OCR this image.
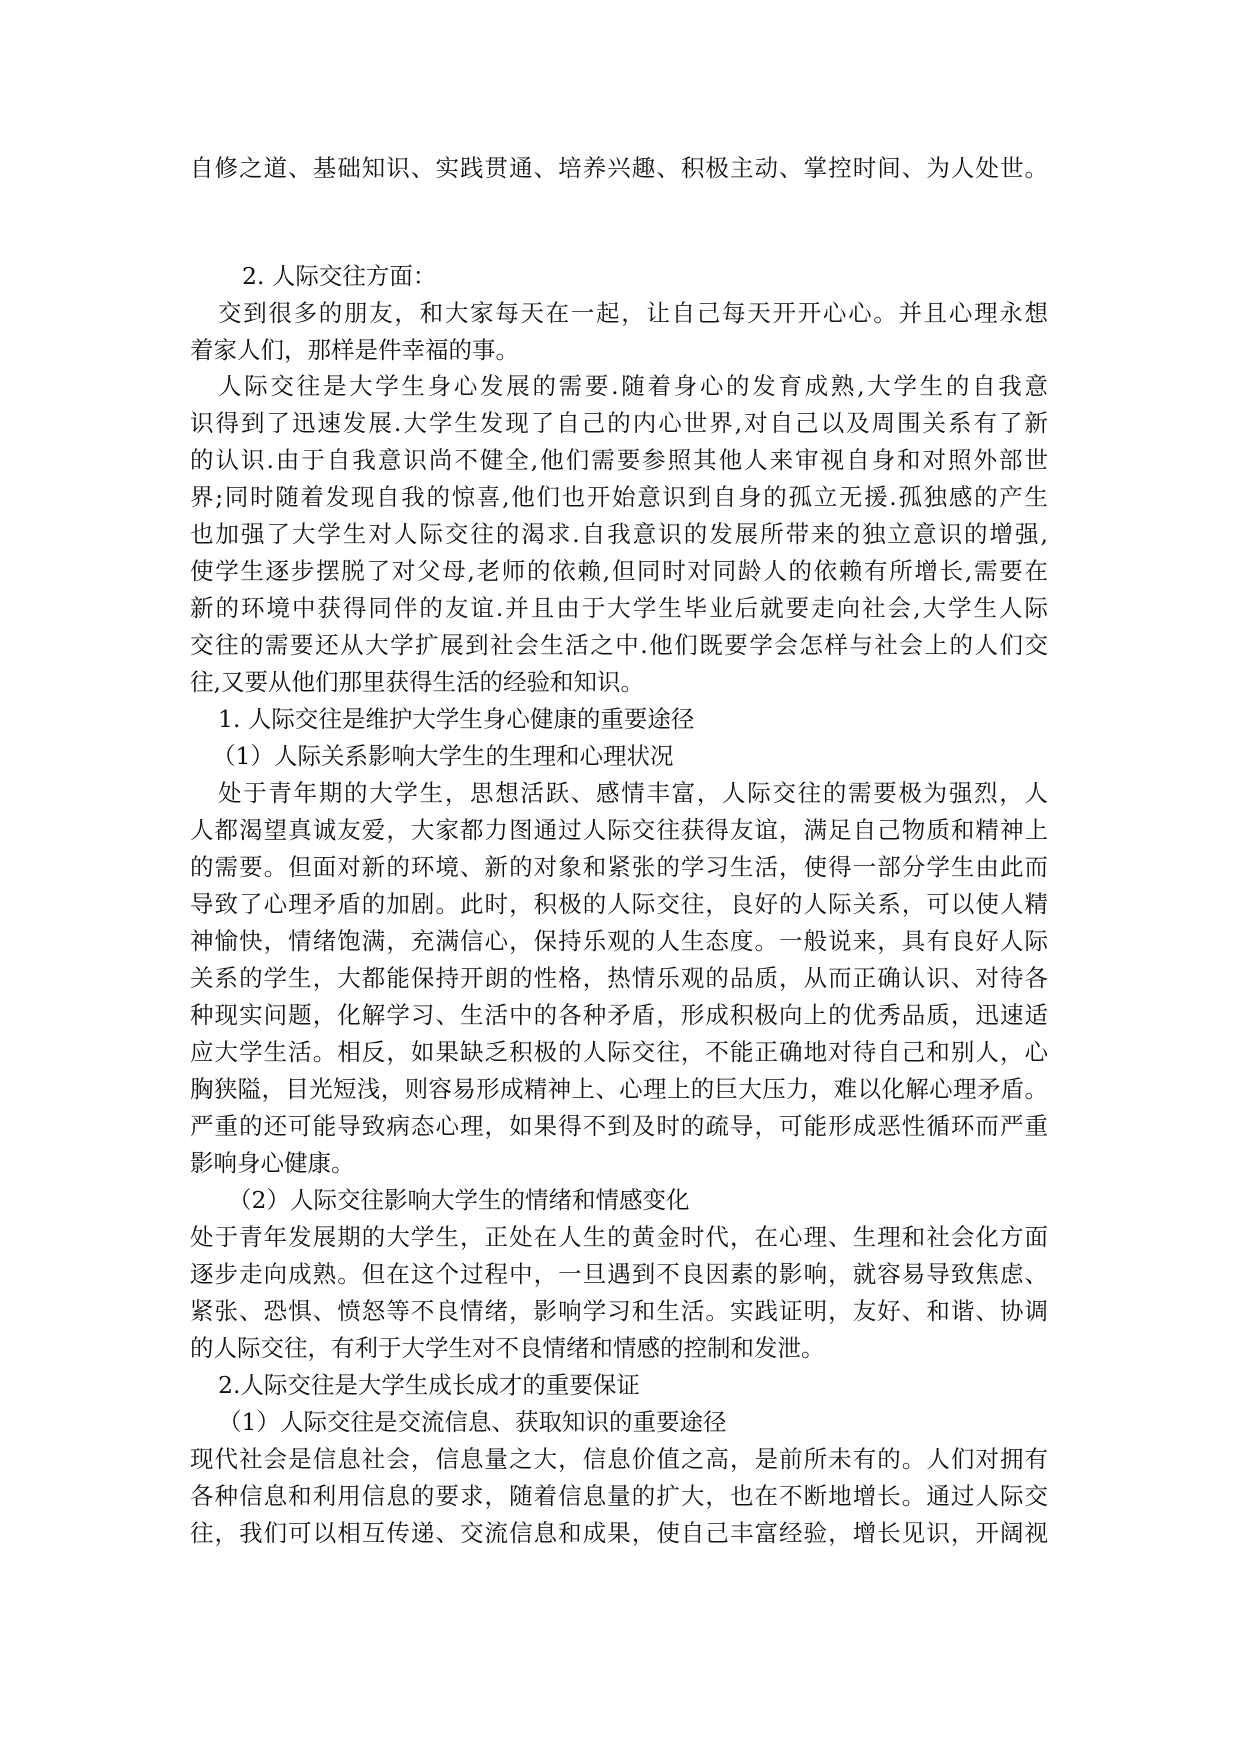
自修之道、基础知识、实践贯通、培养兴趣、积极主动、掌控时间、为人处世。
2. 人际交往方面：
交到很多的朋友，和大家每天在一起，让自己每天开开心心。并且心理永想
着家人们，那样是件幸福的事。
人际交往是大学生身心发展的需要.随着身心的发育成熟,大学生的自我意
识得到了迅速发展.大学生发现了自己的内心世界,对自己以及周围关系有了新
的认识.由于自我意识尚不健全,他们需要参照其他人来审视自身和对照外部世
界;同时随着发现自我的惊喜,他们也开始意识到自身的孤立无援.孤独感的产生
也加强了大学生对人际交往的渴求.自我意识的发展所带来的独立意识的增强,
使学生逐步摆脱了对父母,老师的依赖,但同时对同龄人的依赖有所增长,需要在
新的环境中获得同伴的友谊.并且由于大学生毕业后就要走向社会,大学生人际
交往的需要还从大学扩展到社会生活之中.他们既要学会怎样与社会上的人们交
往,又要从他们那里获得生活的经验和知识。
1. 人际交往是维护大学生身心健康的重要途径
（1）人际关系影响大学生的生理和心理状况
处于青年期的大学生，思想活跃、感情丰富，人际交往的需要极为强烈，人
人都渴望真诚友爱，大家都力图通过人际交往获得友谊，满足自己物质和精神上
的需要。但面对新的环境、新的对象和紧张的学习生活，使得一部分学生由此而
导致了心理矛盾的加剧。此时，积极的人际交往，良好的人际关系，可以使人精
神愉快，情绪饱满，充满信心，保持乐观的人生态度。一般说来，具有良好人际
关系的学生，大都能保持开朗的性格，热情乐观的品质，从而正确认识、对待各
种现实问题，化解学习、生活中的各种矛盾，形成积极向上的优秀品质，迅速适
应大学生活。相反，如果缺乏积极的人际交往，不能正确地对待自己和别人，心
胸狭隘，目光短浅，则容易形成精神上、心理上的巨大压力，难以化解心理矛盾。
严重的还可能导致病态心理，如果得不到及时的疏导，可能形成恶性循环而严重
影响身心健康。
（2）人际交往影响大学生的情绪和情感变化
处于青年发展期的大学生，正处在人生的黄金时代，在心理、生理和社会化方面
逐步走向成熟。但在这个过程中，一旦遇到不良因素的影响，就容易导致焦虑、
紧张、恐惧、愤怒等不良情绪，影响学习和生活。实践证明，友好、和谐、协调
的人际交往，有利于大学生对不良情绪和情感的控制和发泄。
2.人际交往是大学生成长成才的重要保证
（1）人际交往是交流信息、获取知识的重要途径
现代社会是信息社会，信息量之大，信息价值之高，是前所未有的。人们对拥有
各种信息和利用信息的要求，随着信息量的扩大，也在不断地增长。通过人际交
往，我们可以相互传递、交流信息和成果，使自己丰富经验，增长见识，开阔视
